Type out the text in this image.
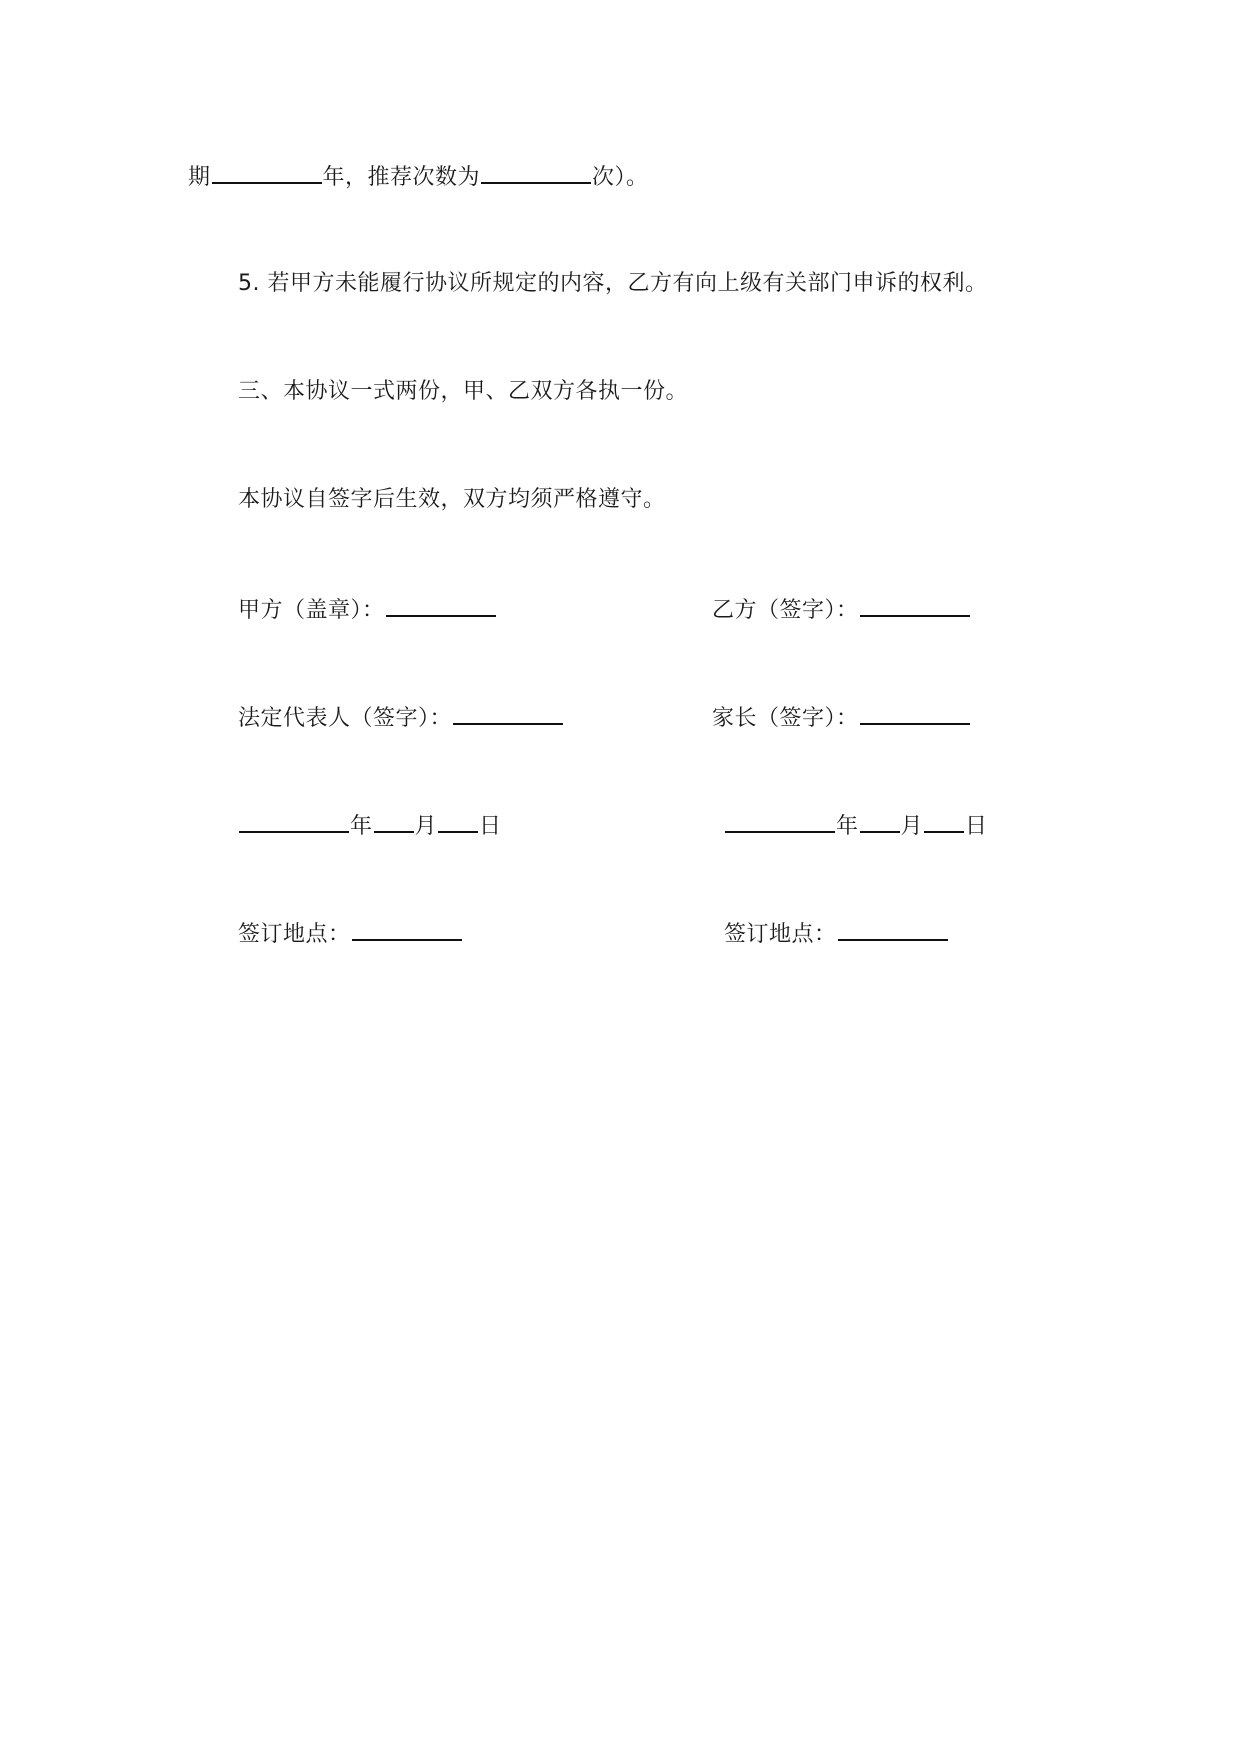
期	年，推荐次数为	次）。
5. 若甲方未能履行协议所规定的内容，乙方有向上级有关部门申诉的权利。
三、本协议一式两份，甲、乙双方各执一份。
本协议自签字后生效，双方均须严格遵守。
甲方（盖章）：	乙方（签字）：
法定代表人（签字）：	家长（签字）：
年 月 日	年 月 日
签订地点：	签订地点：
